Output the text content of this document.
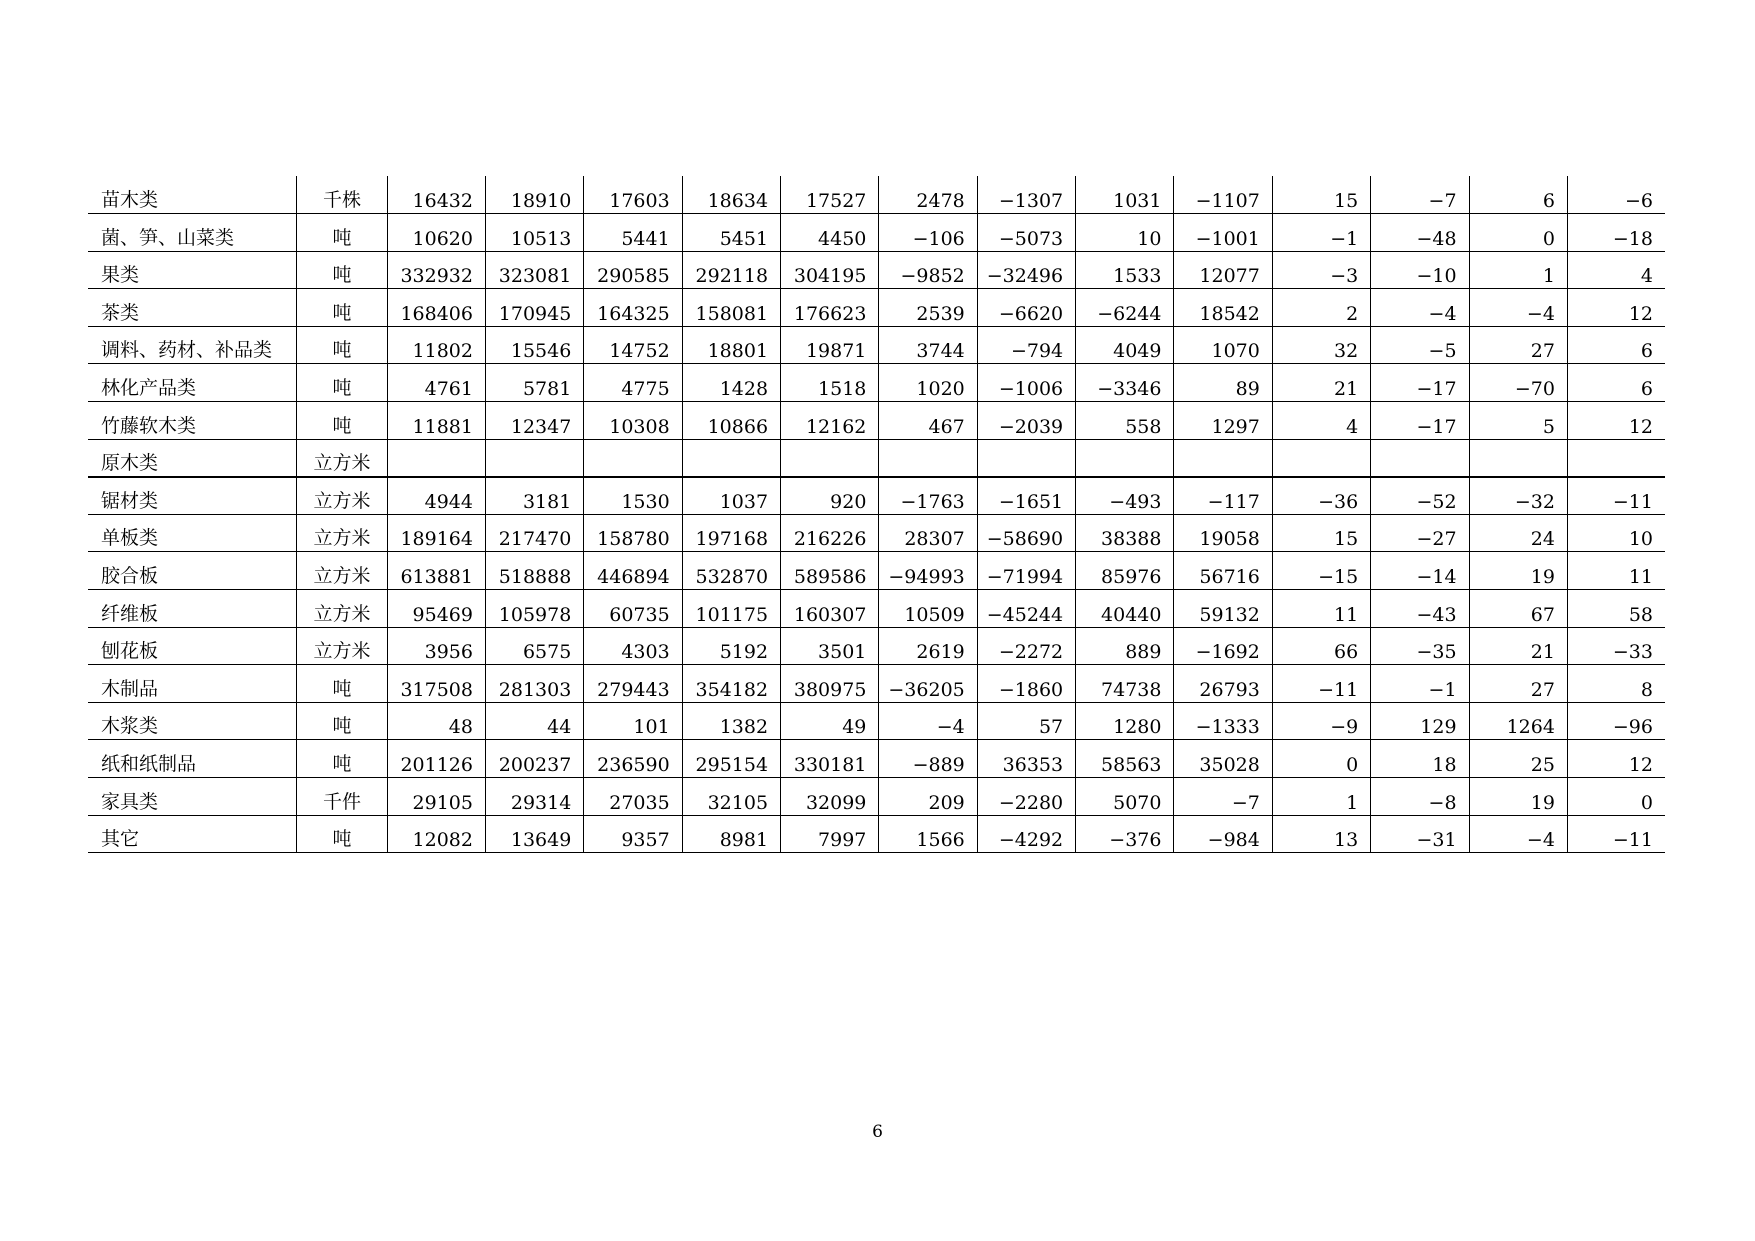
苗木类	千株	16432	18910	17603	18634	17527	2478	−1307	1031	−1107	15	−7	6	−6
菌、笋、山菜类	吨	10620	10513	5441	5451	4450	−106	−5073	10	−1001	−1	−48	0	−18
果类	吨	332932	323081	290585	292118	304195	−9852	−32496	1533	12077	−3	−10	1	4
茶类	吨	168406	170945	164325	158081	176623	2539	−6620	−6244	18542	2	−4	−4	12
调料、药材、补品类	吨	11802	15546	14752	18801	19871	3744	−794	4049	1070	32	−5	27	6
林化产品类	吨	4761	5781	4775	1428	1518	1020	−1006	−3346	89	21	−17	−70	6
竹藤软木类	吨	11881	12347	10308	10866	12162	467	−2039	558	1297	4	−17	5	12
原木类	立方米													
锯材类	立方米	4944	3181	1530	1037	920	−1763	−1651	−493	−117	−36	−52	−32	−11
单板类	立方米	189164	217470	158780	197168	216226	28307	−58690	38388	19058	15	−27	24	10
胶合板	立方米	613881	518888	446894	532870	589586	−94993	−71994	85976	56716	−15	−14	19	11
纤维板	立方米	95469	105978	60735	101175	160307	10509	−45244	40440	59132	11	−43	67	58
刨花板	立方米	3956	6575	4303	5192	3501	2619	−2272	889	−1692	66	−35	21	−33
木制品	吨	317508	281303	279443	354182	380975	−36205	−1860	74738	26793	−11	−1	27	8
木浆类	吨	48	44	101	1382	49	−4	57	1280	−1333	−9	129	1264	−96
纸和纸制品	吨	201126	200237	236590	295154	330181	−889	36353	58563	35028	0	18	25	12
家具类	千件	29105	29314	27035	32105	32099	209	−2280	5070	−7	1	−8	19	0
其它	吨	12082	13649	9357	8981	7997	1566	−4292	−376	−984	13	−31	−4	−11
6
